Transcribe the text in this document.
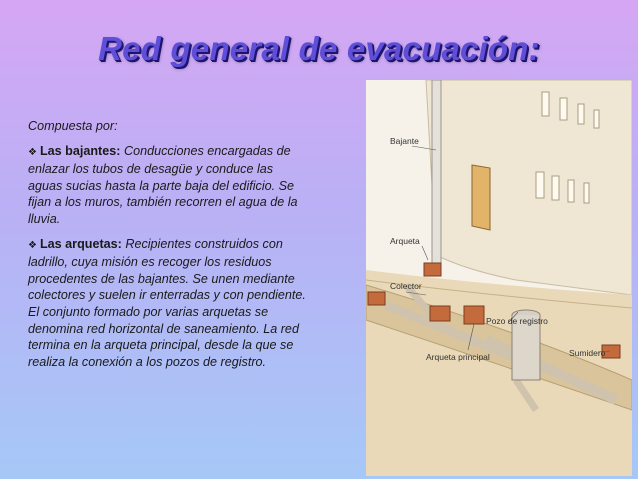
Red general de evacuación:

Compuesta por:

❖ Las bajantes: Conducciones encargadas de enlazar los tubos de desagüe y conduce las aguas sucias hasta la parte baja del edificio. Se fijan a los muros, también recorren el agua de la lluvia.

❖ Las arquetas: Recipientes construidos con ladrillo, cuya misión es recoger los residuos procedentes de las bajantes. Se unen mediante colectores y suelen ir enterradas y con pendiente. El conjunto formado por varias arquetas se denomina red horizontal de saneamiento. La red termina en la arqueta principal, desde la que se realiza la conexión a los pozos de registro.

Bajante
Arqueta
Colector
Pozo de registro
Arqueta principal	Sumidero
